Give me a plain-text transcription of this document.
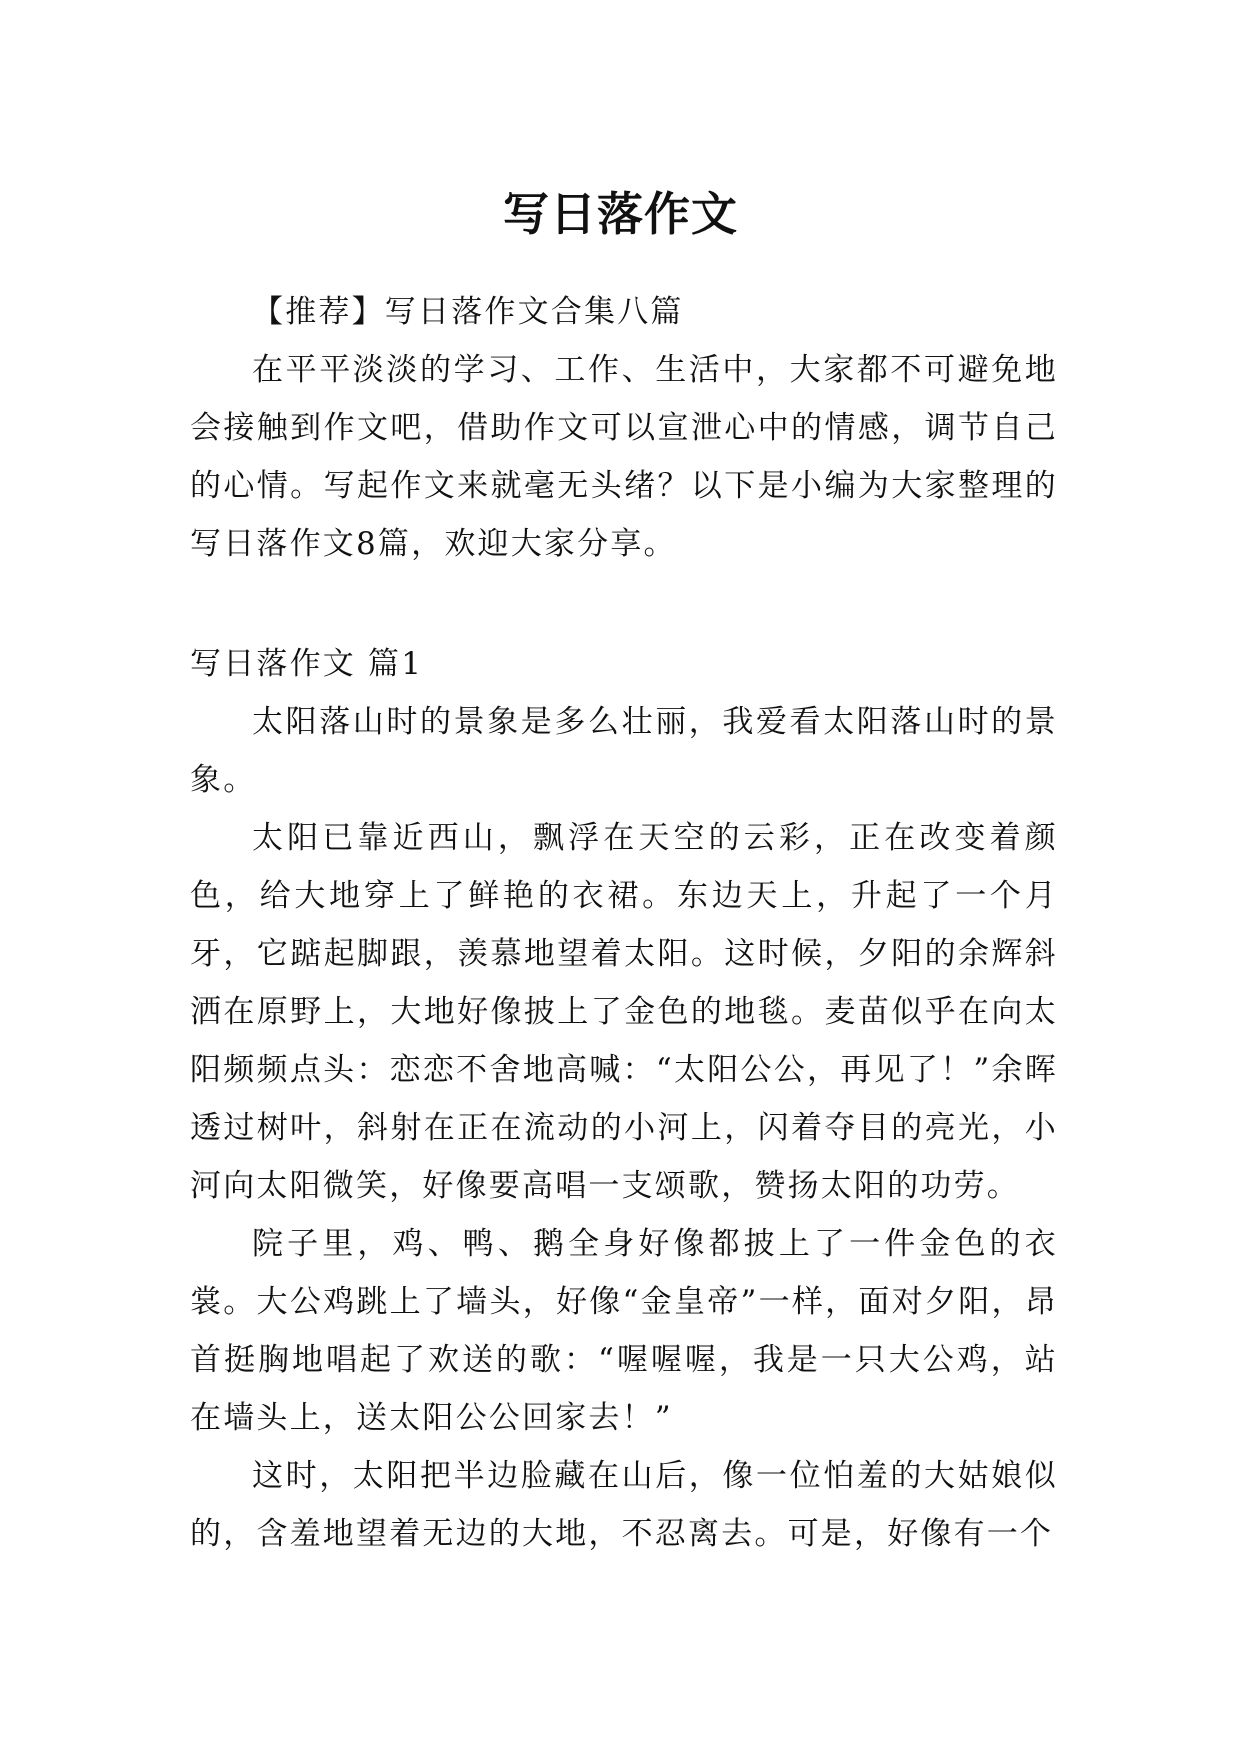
写日落作文

【推荐】写日落作文合集八篇

在平平淡淡的学习、工作、生活中，大家都不可避免地会接触到作文吧，借助作文可以宣泄心中的情感，调节自己的心情。写起作文来就毫无头绪？以下是小编为大家整理的写日落作文8篇，欢迎大家分享。

写日落作文 篇1

太阳落山时的景象是多么壮丽，我爱看太阳落山时的景象。

太阳已靠近西山，飘浮在天空的云彩，正在改变着颜色，给大地穿上了鲜艳的衣裙。东边天上，升起了一个月牙，它踮起脚跟，羡慕地望着太阳。这时候，夕阳的余辉斜洒在原野上，大地好像披上了金色的地毯。麦苗似乎在向太阳频频点头：恋恋不舍地高喊：“太阳公公，再见了！”余晖透过树叶，斜射在正在流动的小河上，闪着夺目的亮光，小河向太阳微笑，好像要高唱一支颂歌，赞扬太阳的功劳。

院子里，鸡、鸭、鹅全身好像都披上了一件金色的衣裳。大公鸡跳上了墙头，好像“金皇帝”一样，面对夕阳，昂首挺胸地唱起了欢送的歌：“喔喔喔，我是一只大公鸡，站在墙头上，送太阳公公回家去！”

这时，太阳把半边脸藏在山后，像一位怕羞的大姑娘似的，含羞地望着无边的大地，不忍离去。可是，好像有一个
